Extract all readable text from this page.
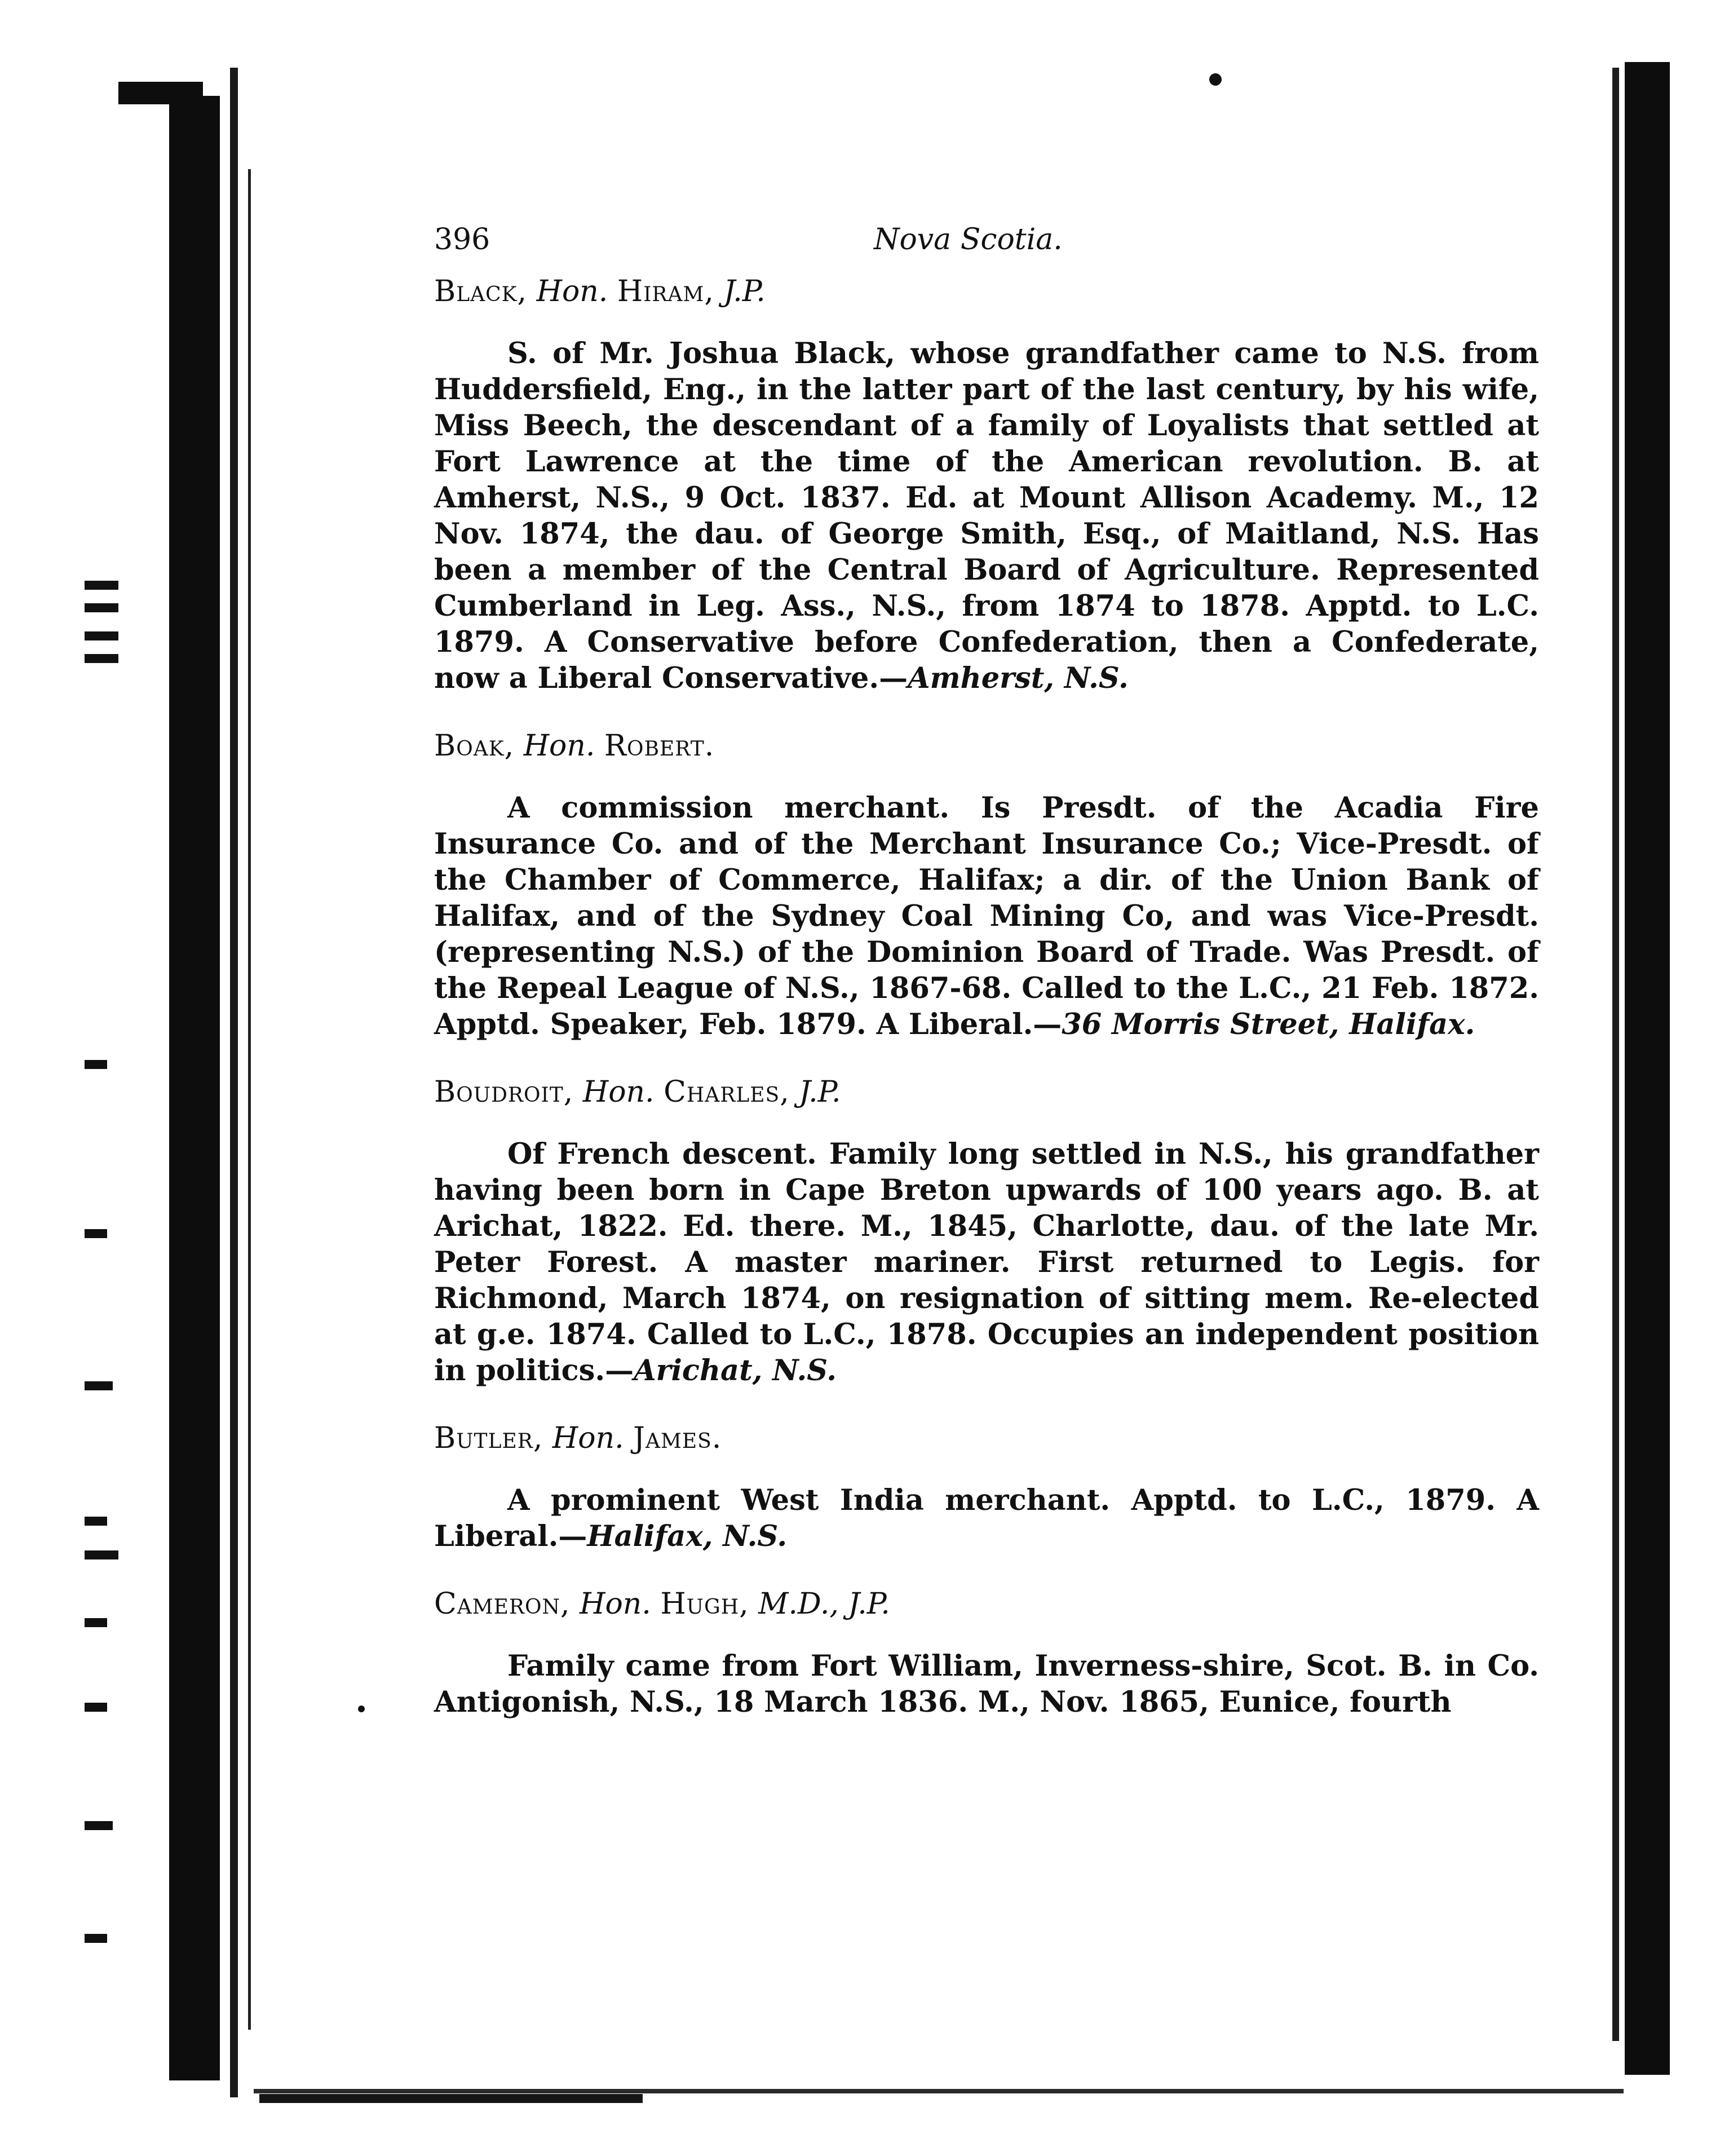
396	Nova Scotia.

Black, Hon. Hiram, J.P.

S. of Mr. Joshua Black, whose grandfather came to N.S. from Huddersfield, Eng., in the latter part of the last century, by his wife, Miss Beech, the descendant of a family of Loyalists that settled at Fort Lawrence at the time of the American revolution. B. at Amherst, N.S., 9 Oct. 1837. Ed. at Mount Allison Academy. M., 12 Nov. 1874, the dau. of George Smith, Esq., of Maitland, N.S. Has been a member of the Central Board of Agriculture. Represented Cumberland in Leg. Ass., N.S., from 1874 to 1878. Apptd. to L.C. 1879. A Conservative before Confederation, then a Confederate, now a Liberal Conservative.—Amherst, N.S.

Boak, Hon. Robert.

A commission merchant. Is Presdt. of the Acadia Fire Insurance Co. and of the Merchant Insurance Co.; Vice-Presdt. of the Chamber of Commerce, Halifax; a dir. of the Union Bank of Halifax, and of the Sydney Coal Mining Co, and was Vice-Presdt. (representing N.S.) of the Dominion Board of Trade. Was Presdt. of the Repeal League of N.S., 1867-68. Called to the L.C., 21 Feb. 1872. Apptd. Speaker, Feb. 1879. A Liberal.—36 Morris Street, Halifax.

Boudroit, Hon. Charles, J.P.

Of French descent. Family long settled in N.S., his grandfather having been born in Cape Breton upwards of 100 years ago. B. at Arichat, 1822. Ed. there. M., 1845, Charlotte, dau. of the late Mr. Peter Forest. A master mariner. First returned to Legis. for Richmond, March 1874, on resignation of sitting mem. Re-elected at g.e. 1874. Called to L.C., 1878. Occupies an independent position in politics.—Arichat, N.S.

Butler, Hon. James.

A prominent West India merchant. Apptd. to L.C., 1879. A Liberal.—Halifax, N.S.

Cameron, Hon. Hugh, M.D., J.P.

Family came from Fort William, Inverness-shire, Scot. B. in Co. Antigonish, N.S., 18 March 1836. M., Nov. 1865, Eunice, fourth
